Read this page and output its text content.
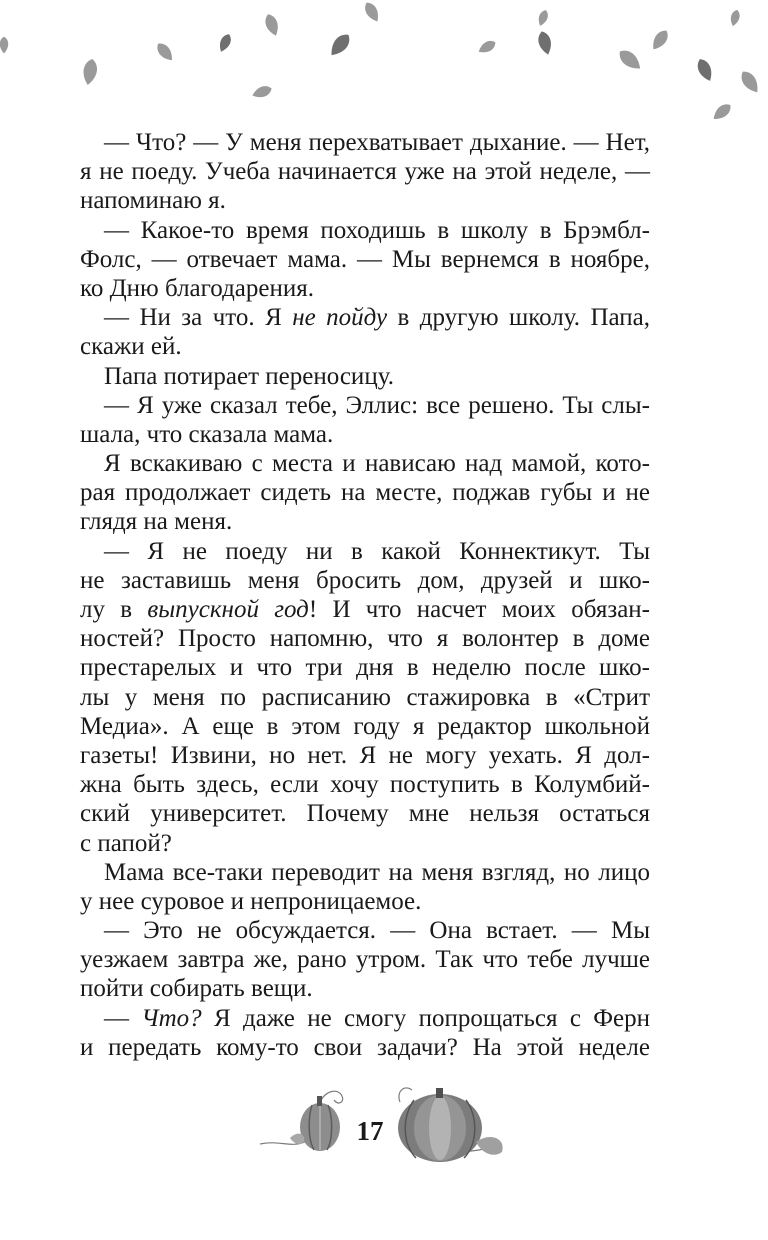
— Что? — У меня перехватывает дыхание. — Нет,
я не поеду. Учеба начинается уже на этой неделе, —
напоминаю я.

— Какое-то время походишь в школу в Брэмбл-
Фолс, — отвечает мама. — Мы вернемся в ноябре,
ко Дню благодарения.

— Ни за что. Я не пойду в другую школу. Папа,
скажи ей.

Папа потирает переносицу.

— Я уже сказал тебе, Эллис: все решено. Ты слы-
шала, что сказала мама.

Я вскакиваю с места и нависаю над мамой, кото-
рая продолжает сидеть на месте, поджав губы и не
глядя на меня.

— Я не поеду ни в какой Коннектикут. Ты
не заставишь меня бросить дом, друзей и шко-
лу в выпускной год! И что насчет моих обязан-
ностей? Просто напомню, что я волонтер в доме
престарелых и что три дня в неделю после шко-
лы у меня по расписанию стажировка в «Стрит
Медиа». А еще в этом году я редактор школьной
газеты! Извини, но нет. Я не могу уехать. Я дол-
жна быть здесь, если хочу поступить в Колумбий-
ский университет. Почему мне нельзя остаться
с папой?

Мама все-таки переводит на меня взгляд, но лицо
у нее суровое и непроницаемое.

— Это не обсуждается. — Она встает. — Мы
уезжаем завтра же, рано утром. Так что тебе лучше
пойти собирать вещи.

— Что? Я даже не смогу попрощаться с Ферн
и передать кому-то свои задачи? На этой неделе

17
